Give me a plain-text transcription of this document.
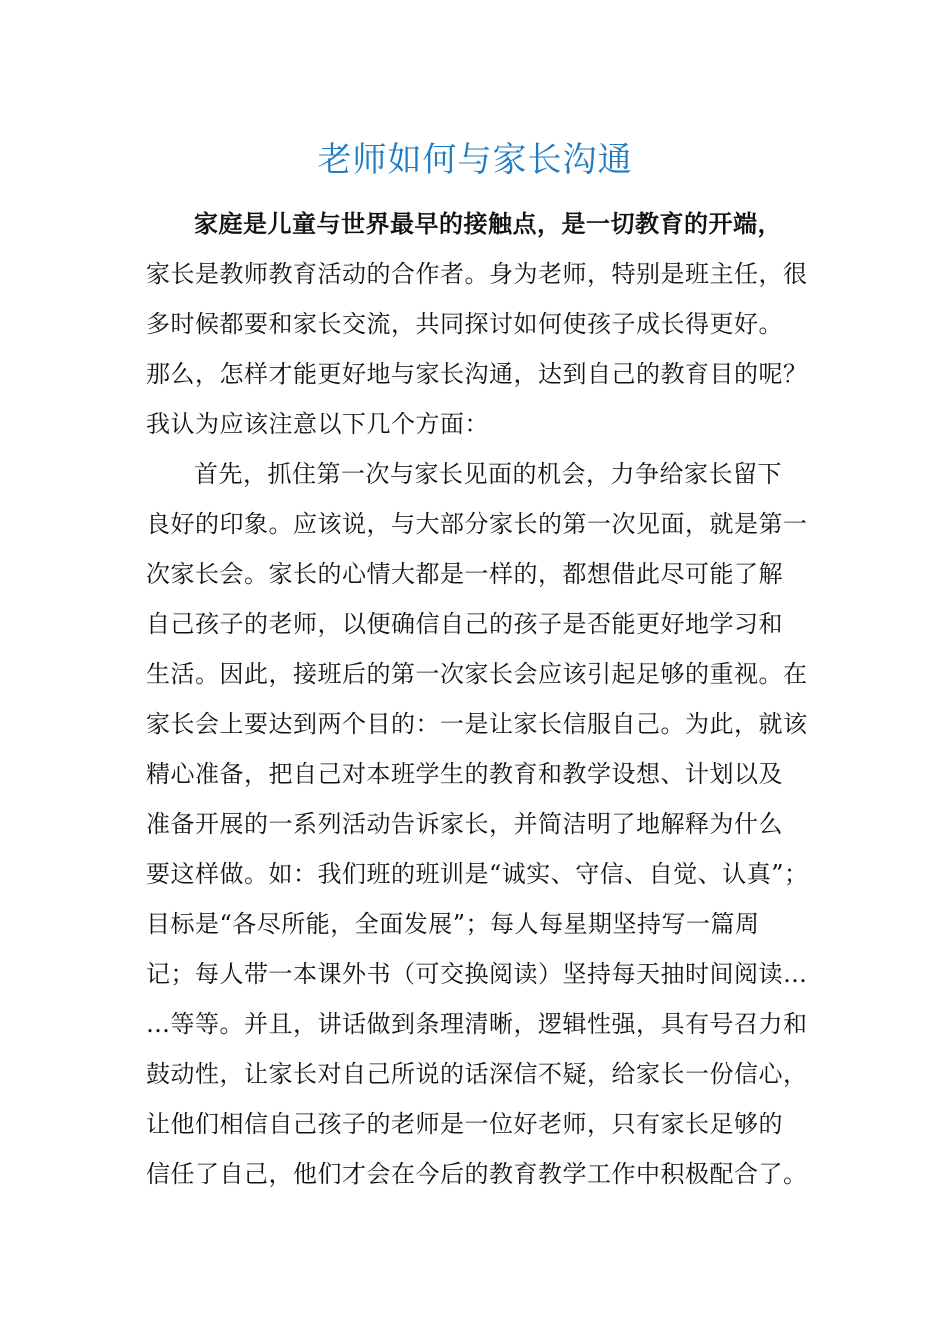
老师如何与家长沟通
家庭是儿童与世界最早的接触点，是一切教育的开端，
家长是教师教育活动的合作者。身为老师，特别是班主任，很
多时候都要和家长交流，共同探讨如何使孩子成长得更好。
那么，怎样才能更好地与家长沟通，达到自己的教育目的呢？
我认为应该注意以下几个方面：
首先，抓住第一次与家长见面的机会，力争给家长留下
良好的印象。应该说，与大部分家长的第一次见面，就是第一
次家长会。家长的心情大都是一样的，都想借此尽可能了解
自己孩子的老师，以便确信自己的孩子是否能更好地学习和
生活。因此，接班后的第一次家长会应该引起足够的重视。在
家长会上要达到两个目的：一是让家长信服自己。为此，就该
精心准备，把自己对本班学生的教育和教学设想、计划以及
准备开展的一系列活动告诉家长，并简洁明了地解释为什么
要这样做。如：我们班的班训是“诚实、守信、自觉、认真”；
目标是“各尽所能，全面发展”；每人每星期坚持写一篇周
记；每人带一本课外书（可交换阅读）坚持每天抽时间阅读…
…等等。并且，讲话做到条理清晰，逻辑性强，具有号召力和
鼓动性，让家长对自己所说的话深信不疑，给家长一份信心，
让他们相信自己孩子的老师是一位好老师，只有家长足够的
信任了自己，他们才会在今后的教育教学工作中积极配合了。
